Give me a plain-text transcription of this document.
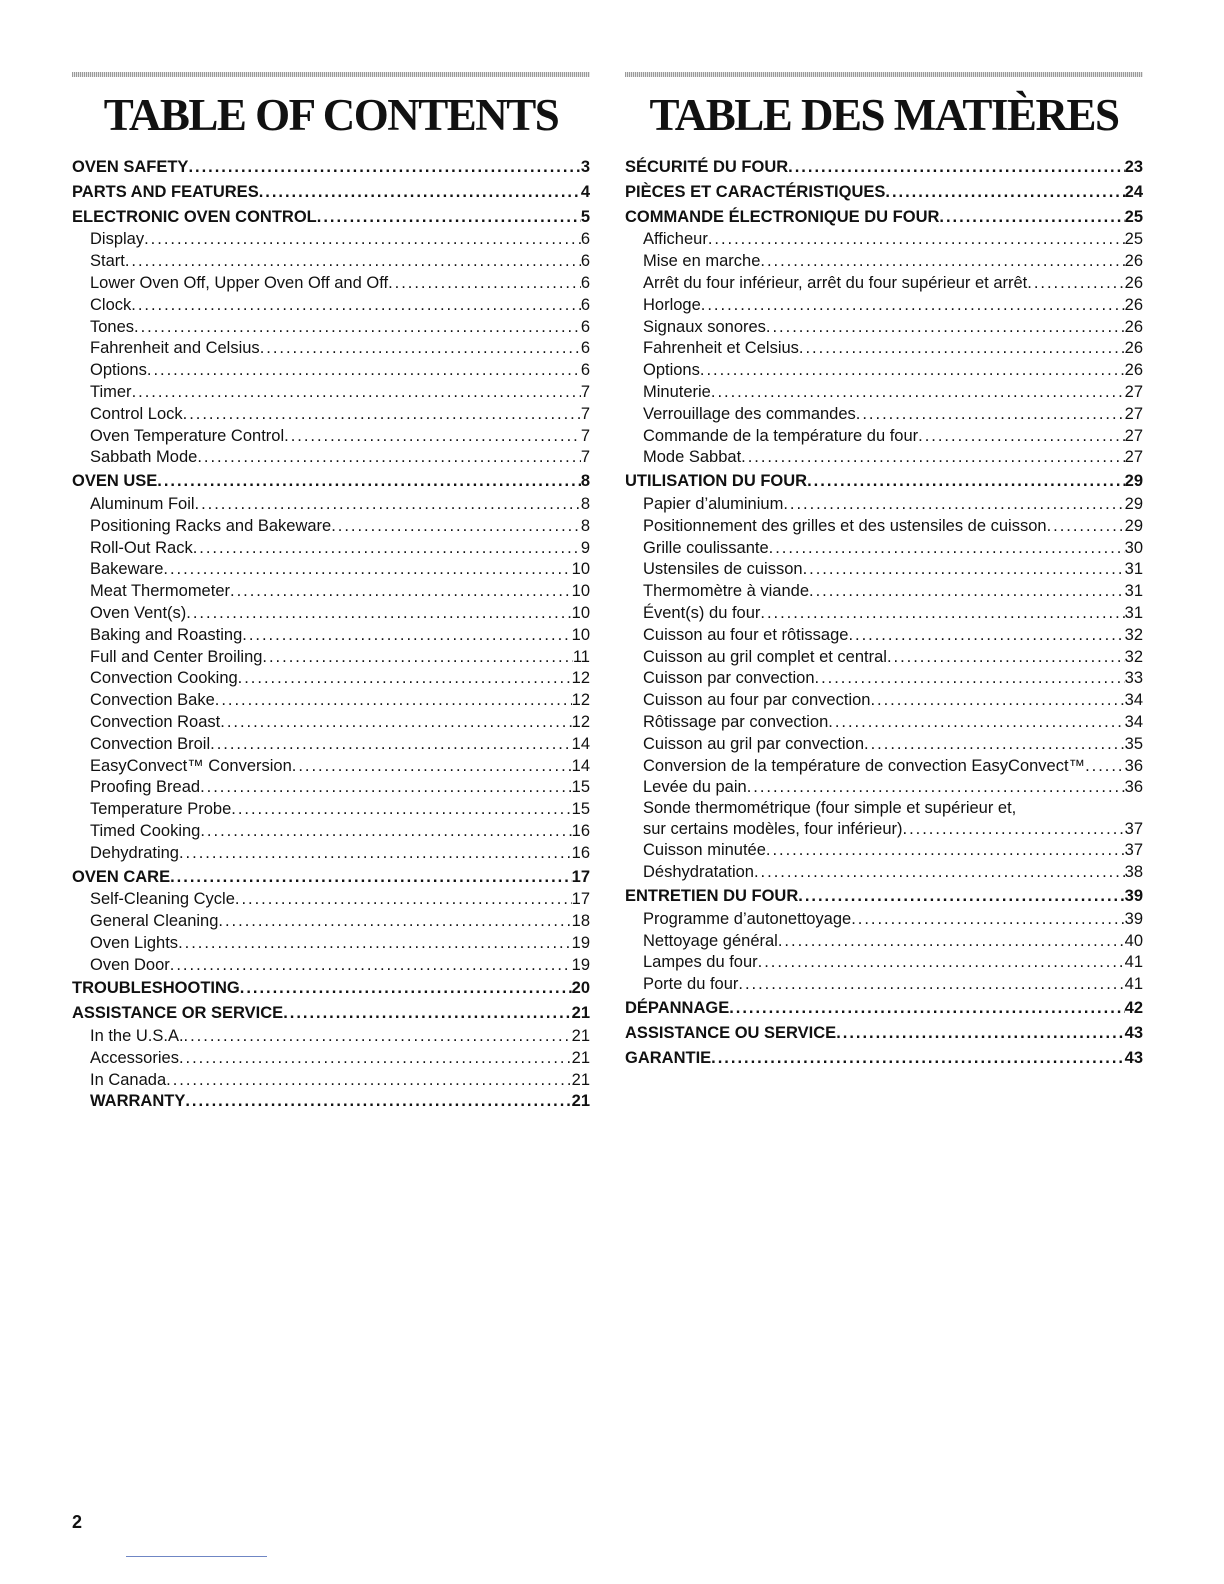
TABLE OF CONTENTS
OVEN SAFETY . . .	3
PARTS AND FEATURES . . .	4
ELECTRONIC OVEN CONTROL . . .	5
Display . . .	6
Start . . .	6
Lower Oven Off, Upper Oven Off and Off . . .	6
Clock . . .	6
Tones . . .	6
Fahrenheit and Celsius . . .	6
Options . . .	6
Timer . . .	7
Control Lock . . .	7
Oven Temperature Control . . .	7
Sabbath Mode . . .	7
OVEN USE . . .	8
Aluminum Foil . . .	8
Positioning Racks and Bakeware . . .	8
Roll-Out Rack . . .	9
Bakeware . . .	10
Meat Thermometer . . .	10
Oven Vent(s) . . .	10
Baking and Roasting . . .	10
Full and Center Broiling . . .	11
Convection Cooking . . .	12
Convection Bake . . .	12
Convection Roast . . .	12
Convection Broil . . .	14
EasyConvect™ Conversion . . .	14
Proofing Bread . . .	15
Temperature Probe . . .	15
Timed Cooking . . .	16
Dehydrating . . .	16
OVEN CARE . . .	17
Self-Cleaning Cycle . . .	17
General Cleaning . . .	18
Oven Lights . . .	19
Oven Door . . .	19
TROUBLESHOOTING . . .	20
ASSISTANCE OR SERVICE . . .	21
In the U.S.A. . . .	21
Accessories . . .	21
In Canada . . .	21
WARRANTY . . .	21
TABLE DES MATIÈRES
SÉCURITÉ DU FOUR . . .	23
PIÈCES ET CARACTÉRISTIQUES . . .	24
COMMANDE ÉLECTRONIQUE DU FOUR . . .	25
Afficheur . . .	25
Mise en marche . . .	26
Arrêt du four inférieur, arrêt du four supérieur et arrêt . . .	26
Horloge . . .	26
Signaux sonores . . .	26
Fahrenheit et Celsius . . .	26
Options . . .	26
Minuterie . . .	27
Verrouillage des commandes . . .	27
Commande de la température du four . . .	27
Mode Sabbat . . .	27
UTILISATION DU FOUR . . .	29
Papier d’aluminium . . .	29
Positionnement des grilles et des ustensiles de cuisson . . .	29
Grille coulissante . . .	30
Ustensiles de cuisson . . .	31
Thermomètre à viande . . .	31
Évent(s) du four . . .	31
Cuisson au four et rôtissage . . .	32
Cuisson au gril complet et central . . .	32
Cuisson par convection . . .	33
Cuisson au four par convection . . .	34
Rôtissage par convection . . .	34
Cuisson au gril par convection . . .	35
Conversion de la température de convection EasyConvect™ . . . 36
Levée du pain . . .	36
Sonde thermométrique (four simple et supérieur et,
sur certains modèles, four inférieur) . . .	37
Cuisson minutée . . .	37
Déshydratation . . .	38
ENTRETIEN DU FOUR . . .	39
Programme d’autonettoyage . . .	39
Nettoyage général . . .	40
Lampes du four . . .	41
Porte du four . . .	41
DÉPANNAGE . . .	42
ASSISTANCE OU SERVICE . . .	43
GARANTIE . . .	43
2
